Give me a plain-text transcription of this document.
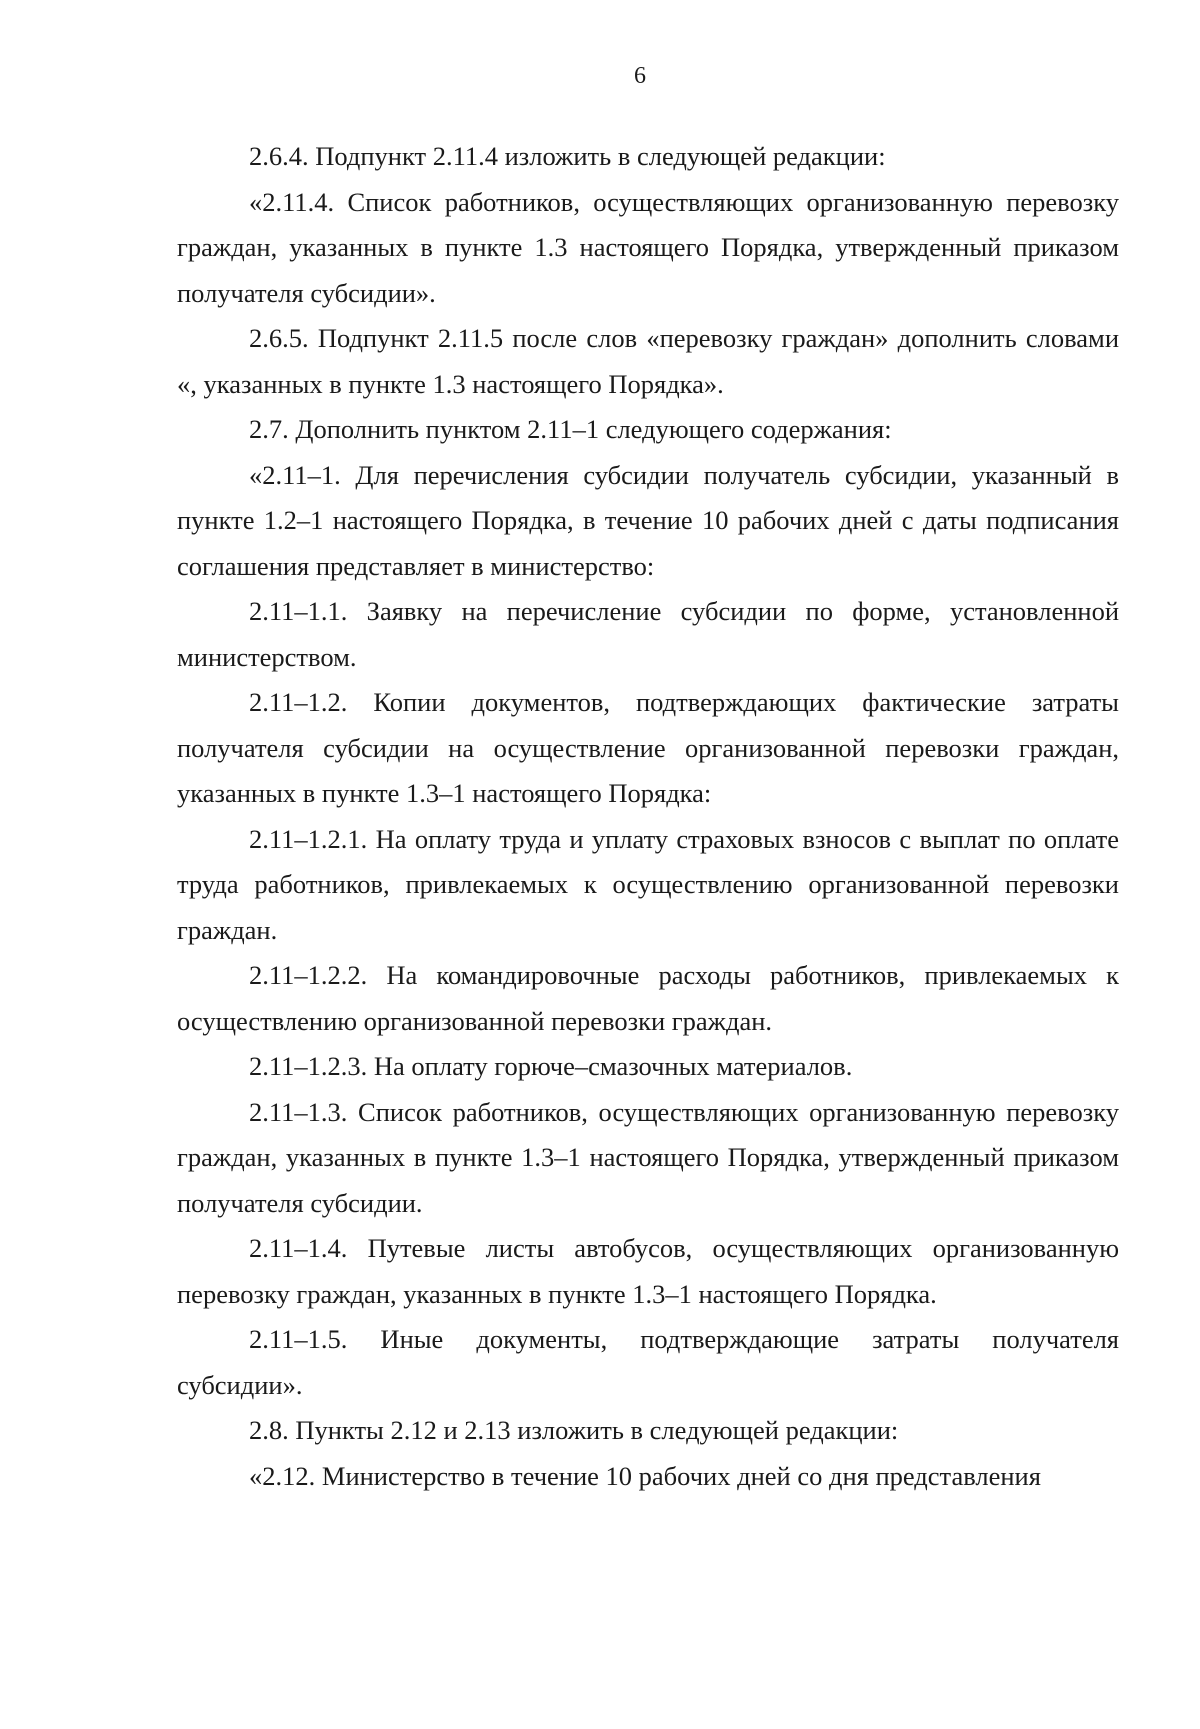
6

2.6.4. Подпункт 2.11.4 изложить в следующей редакции:

«2.11.4. Список работников, осуществляющих организованную перевозку граждан, указанных в пункте 1.3 настоящего Порядка, утвержденный приказом получателя субсидии».

2.6.5. Подпункт 2.11.5 после слов «перевозку граждан» дополнить словами «, указанных в пункте 1.3 настоящего Порядка».

2.7. Дополнить пунктом 2.11–1 следующего содержания:

«2.11–1. Для перечисления субсидии получатель субсидии, указанный в пункте 1.2–1 настоящего Порядка, в течение 10 рабочих дней с даты подписания соглашения представляет в министерство:

2.11–1.1. Заявку на перечисление субсидии по форме, установленной министерством.

2.11–1.2. Копии документов, подтверждающих фактические затраты получателя субсидии на осуществление организованной перевозки граждан, указанных в пункте 1.3–1 настоящего Порядка:

2.11–1.2.1. На оплату труда и уплату страховых взносов с выплат по оплате труда работников, привлекаемых к осуществлению организованной перевозки граждан.

2.11–1.2.2. На командировочные расходы работников, привлекаемых к осуществлению организованной перевозки граждан.

2.11–1.2.3. На оплату горюче–смазочных материалов.

2.11–1.3. Список работников, осуществляющих организованную перевозку граждан, указанных в пункте 1.3–1 настоящего Порядка, утвержденный приказом получателя субсидии.

2.11–1.4. Путевые листы автобусов, осуществляющих организованную перевозку граждан, указанных в пункте 1.3–1 настоящего Порядка.

2.11–1.5. Иные документы, подтверждающие затраты получателя субсидии».

2.8. Пункты 2.12 и 2.13 изложить в следующей редакции:

«2.12. Министерство в течение 10 рабочих дней со дня представления
